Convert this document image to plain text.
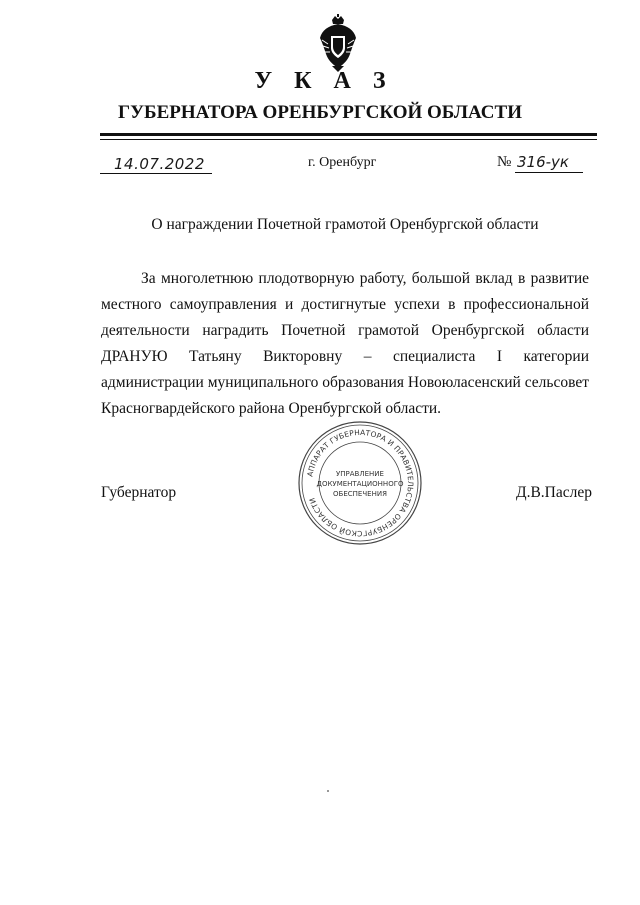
У К А З
ГУБЕРНАТОРА ОРЕНБУРГСКОЙ ОБЛАСТИ
14.07.2022	г. Оренбург	№ 316-ук
О награждении Почетной грамотой Оренбургской области
За многолетнюю плодотворную работу, большой вклад в развитие местного самоуправления и достигнутые успехи в профессиональной деятельности наградить Почетной грамотой Оренбургской области ДРАНУЮ Татьяну Викторовну – специалиста I категории администрации муниципального образования Новоюласенский сельсовет Красногвардейского района Оренбургской области.
Губернатор	Д.В.Паслер
АППАРАТ ГУБЕРНАТОРА И ПРАВИТЕЛЬСТВА ОРЕНБУРГСКОЙ ОБЛАСТИ
УПРАВЛЕНИЕ
ДОКУМЕНТАЦИОННОГО
ОБЕСПЕЧЕНИЯ
